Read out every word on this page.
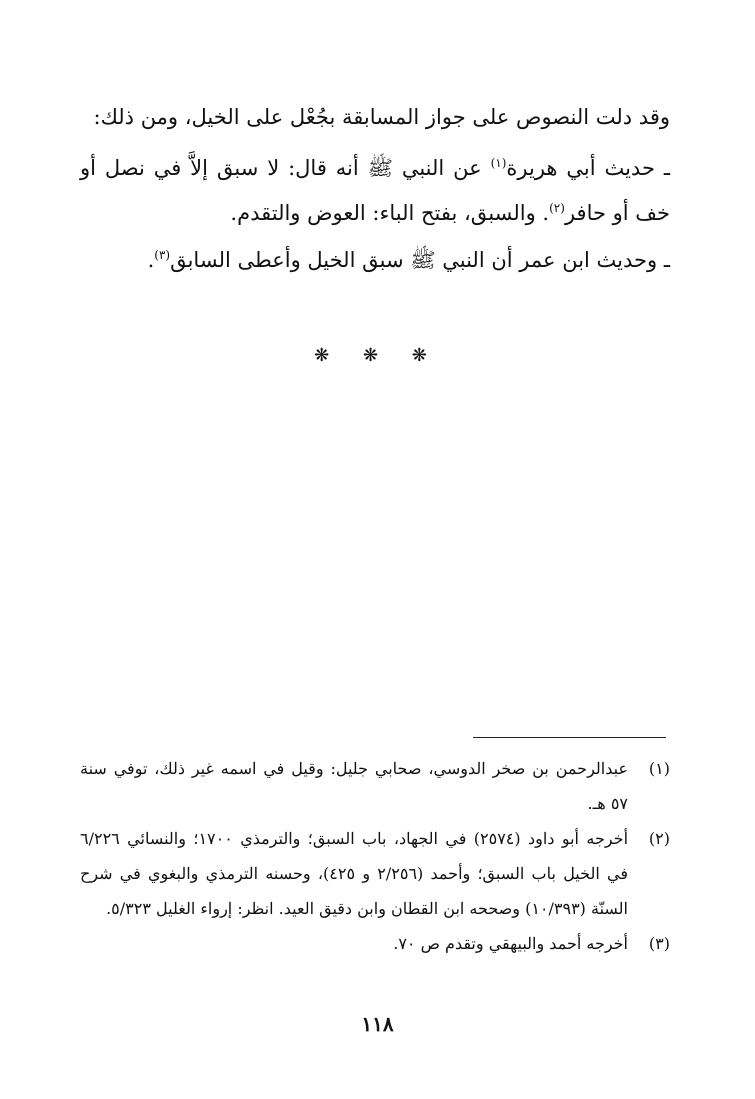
وقد دلت النصوص على جواز المسابقة بجُعْل على الخيل، ومن ذلك:

ـ حديث أبي هريرة$^{(١)}$ عن النبي ﷺ أنه قال: لا سبق إلاَّ في نصل أو خف أو حافر$^{(٢)}$. والسبق، بفتح الباء: العوض والتقدم.

ـ وحديث ابن عمر أن النبي ﷺ سبق الخيل وأعطى السابق$^{(٣)}$.

❋ ❋ ❋
(١)
عبدالرحمن بن صخر الدوسي، صحابي جليل: وقيل في اسمه غير ذلك، توفي سنة ٥٧ هـ.
(٢)
أخرجه أبو داود (٢٥٧٤) في الجهاد، باب السبق؛ والترمذي ١٧٠٠؛ والنسائي ٦/٢٢٦ في الخيل باب السبق؛ وأحمد (٢/٢٥٦ و ٤٢٥)، وحسنه الترمذي والبغوي في شرح السنّة (١٠/٣٩٣) وصححه ابن القطان وابن دقيق العيد. انظر: إرواء الغليل ٥/٣٢٣.
(٣)
أخرجه أحمد والبيهقي وتقدم ص ٧٠.
١١٨
